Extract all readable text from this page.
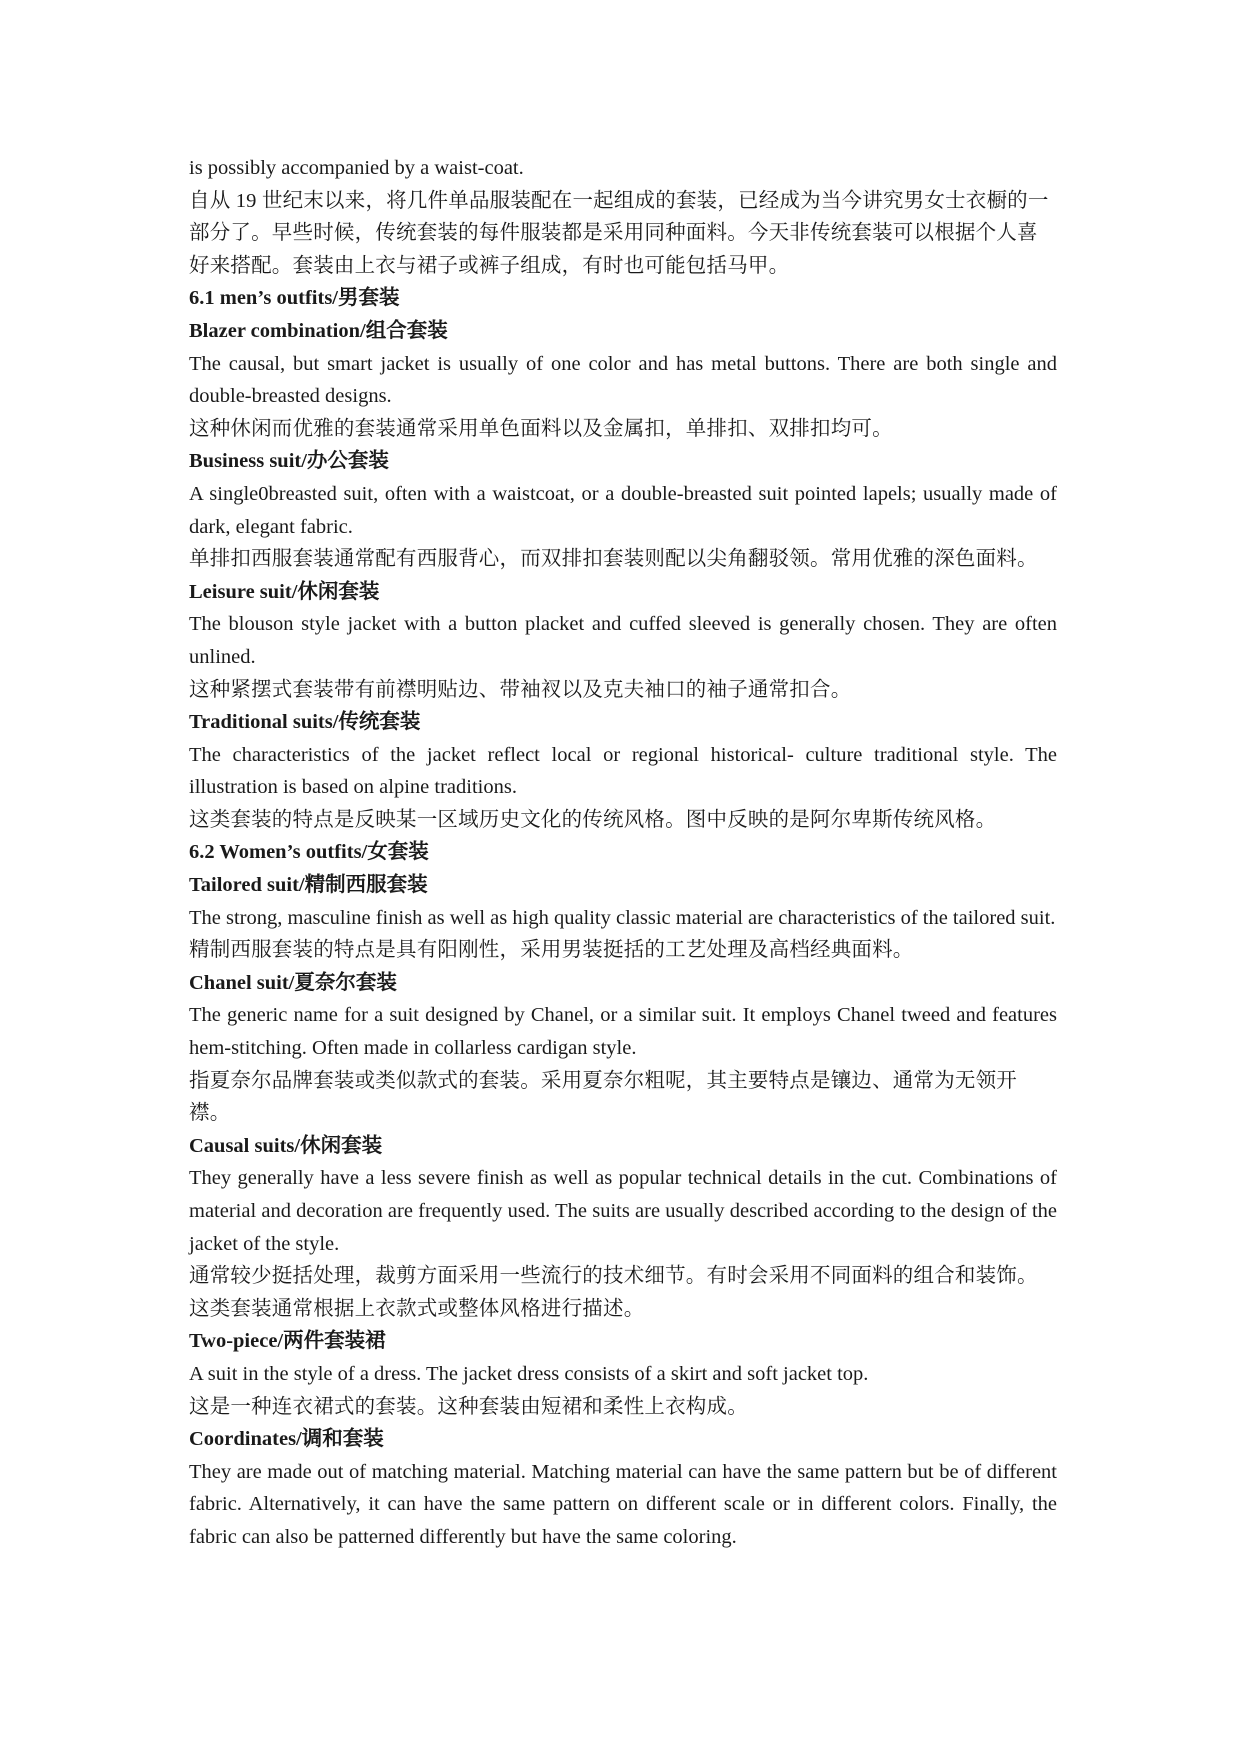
is possibly accompanied by a waist-coat.

自从 19 世纪末以来，将几件单品服装配在一起组成的套装，已经成为当今讲究男女士衣橱的一部分了。早些时候，传统套装的每件服装都是采用同种面料。今天非传统套装可以根据个人喜好来搭配。套装由上衣与裙子或裤子组成，有时也可能包括马甲。

6.1 men’s outfits/男套装

Blazer combination/组合套装

The causal, but smart jacket is usually of one color and has metal buttons. There are both single and double-breasted designs.

这种休闲而优雅的套装通常采用单色面料以及金属扣，单排扣、双排扣均可。

Business suit/办公套装

A single0breasted suit, often with a waistcoat, or a double-breasted suit pointed lapels; usually made of dark, elegant fabric.

单排扣西服套装通常配有西服背心，而双排扣套装则配以尖角翻驳领。常用优雅的深色面料。

Leisure suit/休闲套装

The blouson style jacket with a button placket and cuffed sleeved is generally chosen. They are often unlined.

这种紧摆式套装带有前襟明贴边、带袖衩以及克夫袖口的袖子通常扣合。

Traditional suits/传统套装

The characteristics of the jacket reflect local or regional historical- culture traditional style. The illustration is based on alpine traditions.

这类套装的特点是反映某一区域历史文化的传统风格。图中反映的是阿尔卑斯传统风格。

6.2 Women’s outfits/女套装

Tailored suit/精制西服套装

The strong, masculine finish as well as high quality classic material are characteristics of the tailored suit.

精制西服套装的特点是具有阳刚性，采用男装挺括的工艺处理及高档经典面料。

Chanel suit/夏奈尔套装

The generic name for a suit designed by Chanel, or a similar suit. It employs Chanel tweed and features hem-stitching. Often made in collarless cardigan style.

指夏奈尔品牌套装或类似款式的套装。采用夏奈尔粗呢，其主要特点是镶边、通常为无领开襟。

Causal suits/休闲套装

They generally have a less severe finish as well as popular technical details in the cut. Combinations of material and decoration are frequently used. The suits are usually described according to the design of the jacket of the style.

通常较少挺括处理，裁剪方面采用一些流行的技术细节。有时会采用不同面料的组合和装饰。这类套装通常根据上衣款式或整体风格进行描述。

Two-piece/两件套装裙

A suit in the style of a dress. The jacket dress consists of a skirt and soft jacket top.

这是一种连衣裙式的套装。这种套装由短裙和柔性上衣构成。

Coordinates/调和套装

They are made out of matching material. Matching material can have the same pattern but be of different fabric. Alternatively, it can have the same pattern on different scale or in different colors. Finally, the fabric can also be patterned differently but have the same coloring.
